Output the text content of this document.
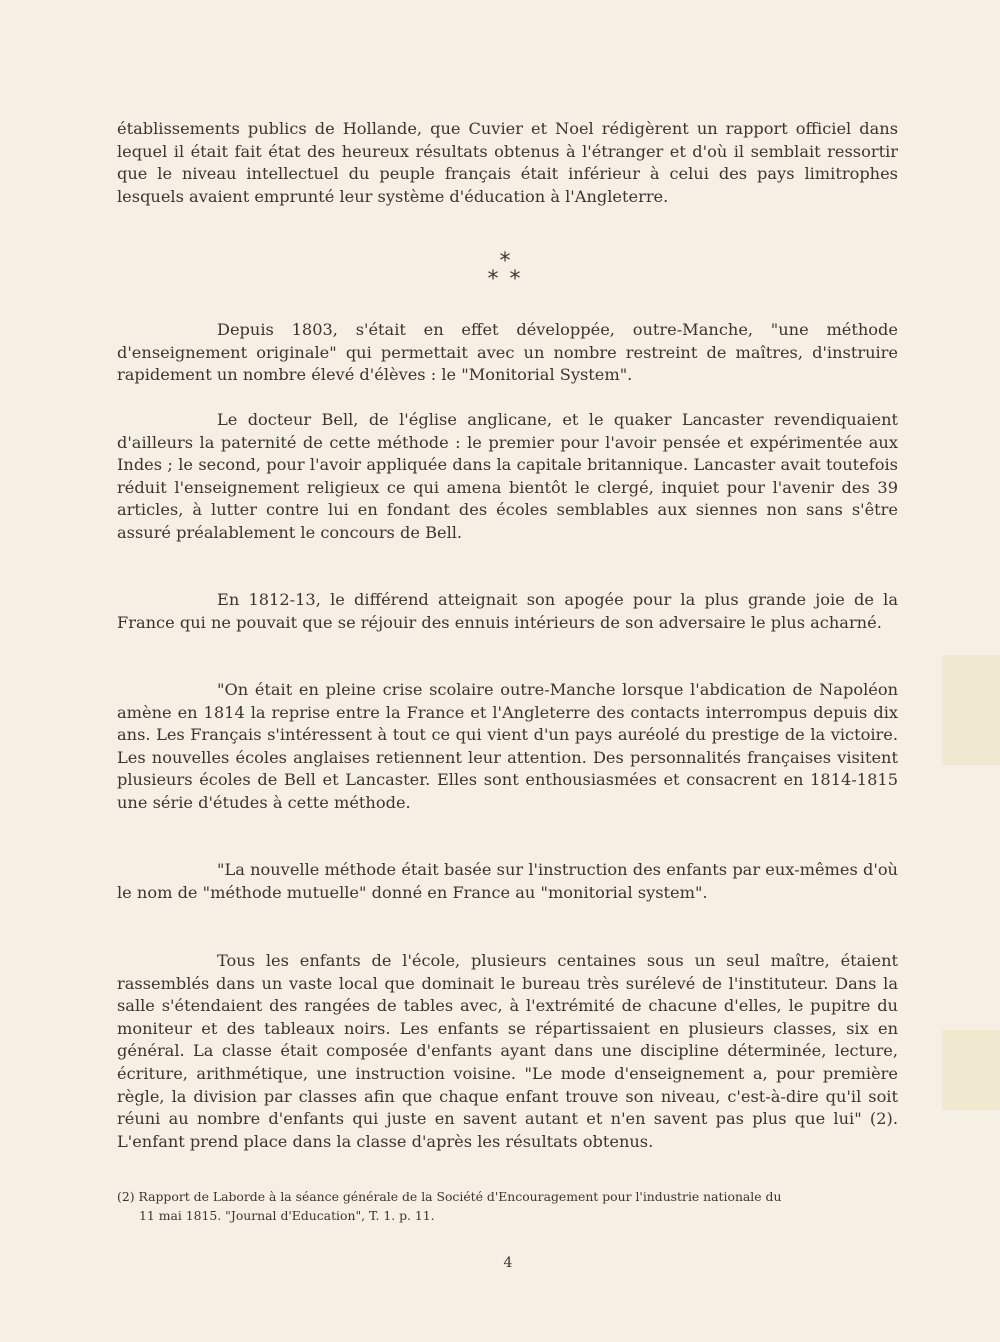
établissements publics de Hollande, que Cuvier et Noel rédigèrent un rapport officiel dans lequel il était fait état des heureux résultats obtenus à l'étranger et d'où il semblait ressortir que le niveau intellectuel du peuple français était inférieur à celui des pays limitrophes lesquels avaient emprunté leur système d'éducation à l'Angleterre.

*
* *

Depuis 1803, s'était en effet développée, outre-Manche, "une méthode d'enseignement originale" qui permettait avec un nombre restreint de maîtres, d'instruire rapidement un nombre élevé d'élèves : le "Monitorial System".

Le docteur Bell, de l'église anglicane, et le quaker Lancaster revendiquaient d'ailleurs la paternité de cette méthode : le premier pour l'avoir pensée et expérimentée aux Indes ; le second, pour l'avoir appliquée dans la capitale britannique. Lancaster avait toutefois réduit l'enseignement religieux ce qui amena bientôt le clergé, inquiet pour l'avenir des 39 articles, à lutter contre lui en fondant des écoles semblables aux siennes non sans s'être assuré préalablement le concours de Bell.

En 1812-13, le différend atteignait son apogée pour la plus grande joie de la France qui ne pouvait que se réjouir des ennuis intérieurs de son adversaire le plus acharné.

"On était en pleine crise scolaire outre-Manche lorsque l'abdication de Napoléon amène en 1814 la reprise entre la France et l'Angleterre des contacts interrompus depuis dix ans. Les Français s'intéressent à tout ce qui vient d'un pays auréolé du prestige de la victoire. Les nouvelles écoles anglaises retiennent leur attention. Des personnalités françaises visitent plusieurs écoles de Bell et Lancaster. Elles sont enthousiasmées et consacrent en 1814-1815 une série d'études à cette méthode.

"La nouvelle méthode était basée sur l'instruction des enfants par eux-mêmes d'où le nom de "méthode mutuelle" donné en France au "monitorial system".

Tous les enfants de l'école, plusieurs centaines sous un seul maître, étaient rassemblés dans un vaste local que dominait le bureau très surélevé de l'instituteur. Dans la salle s'étendaient des rangées de tables avec, à l'extrémité de chacune d'elles, le pupitre du moniteur et des tableaux noirs. Les enfants se répartissaient en plusieurs classes, six en général. La classe était composée d'enfants ayant dans une discipline déterminée, lecture, écriture, arithmétique, une instruction voisine. "Le mode d'enseignement a, pour première règle, la division par classes afin que chaque enfant trouve son niveau, c'est-à-dire qu'il soit réuni au nombre d'enfants qui juste en savent autant et n'en savent pas plus que lui" (2). L'enfant prend place dans la classe d'après les résultats obtenus.

(2) Rapport de Laborde à la séance générale de la Société d'Encouragement pour l'industrie nationale du
11 mai 1815. "Journal d'Education", T. 1. p. 11.
4
